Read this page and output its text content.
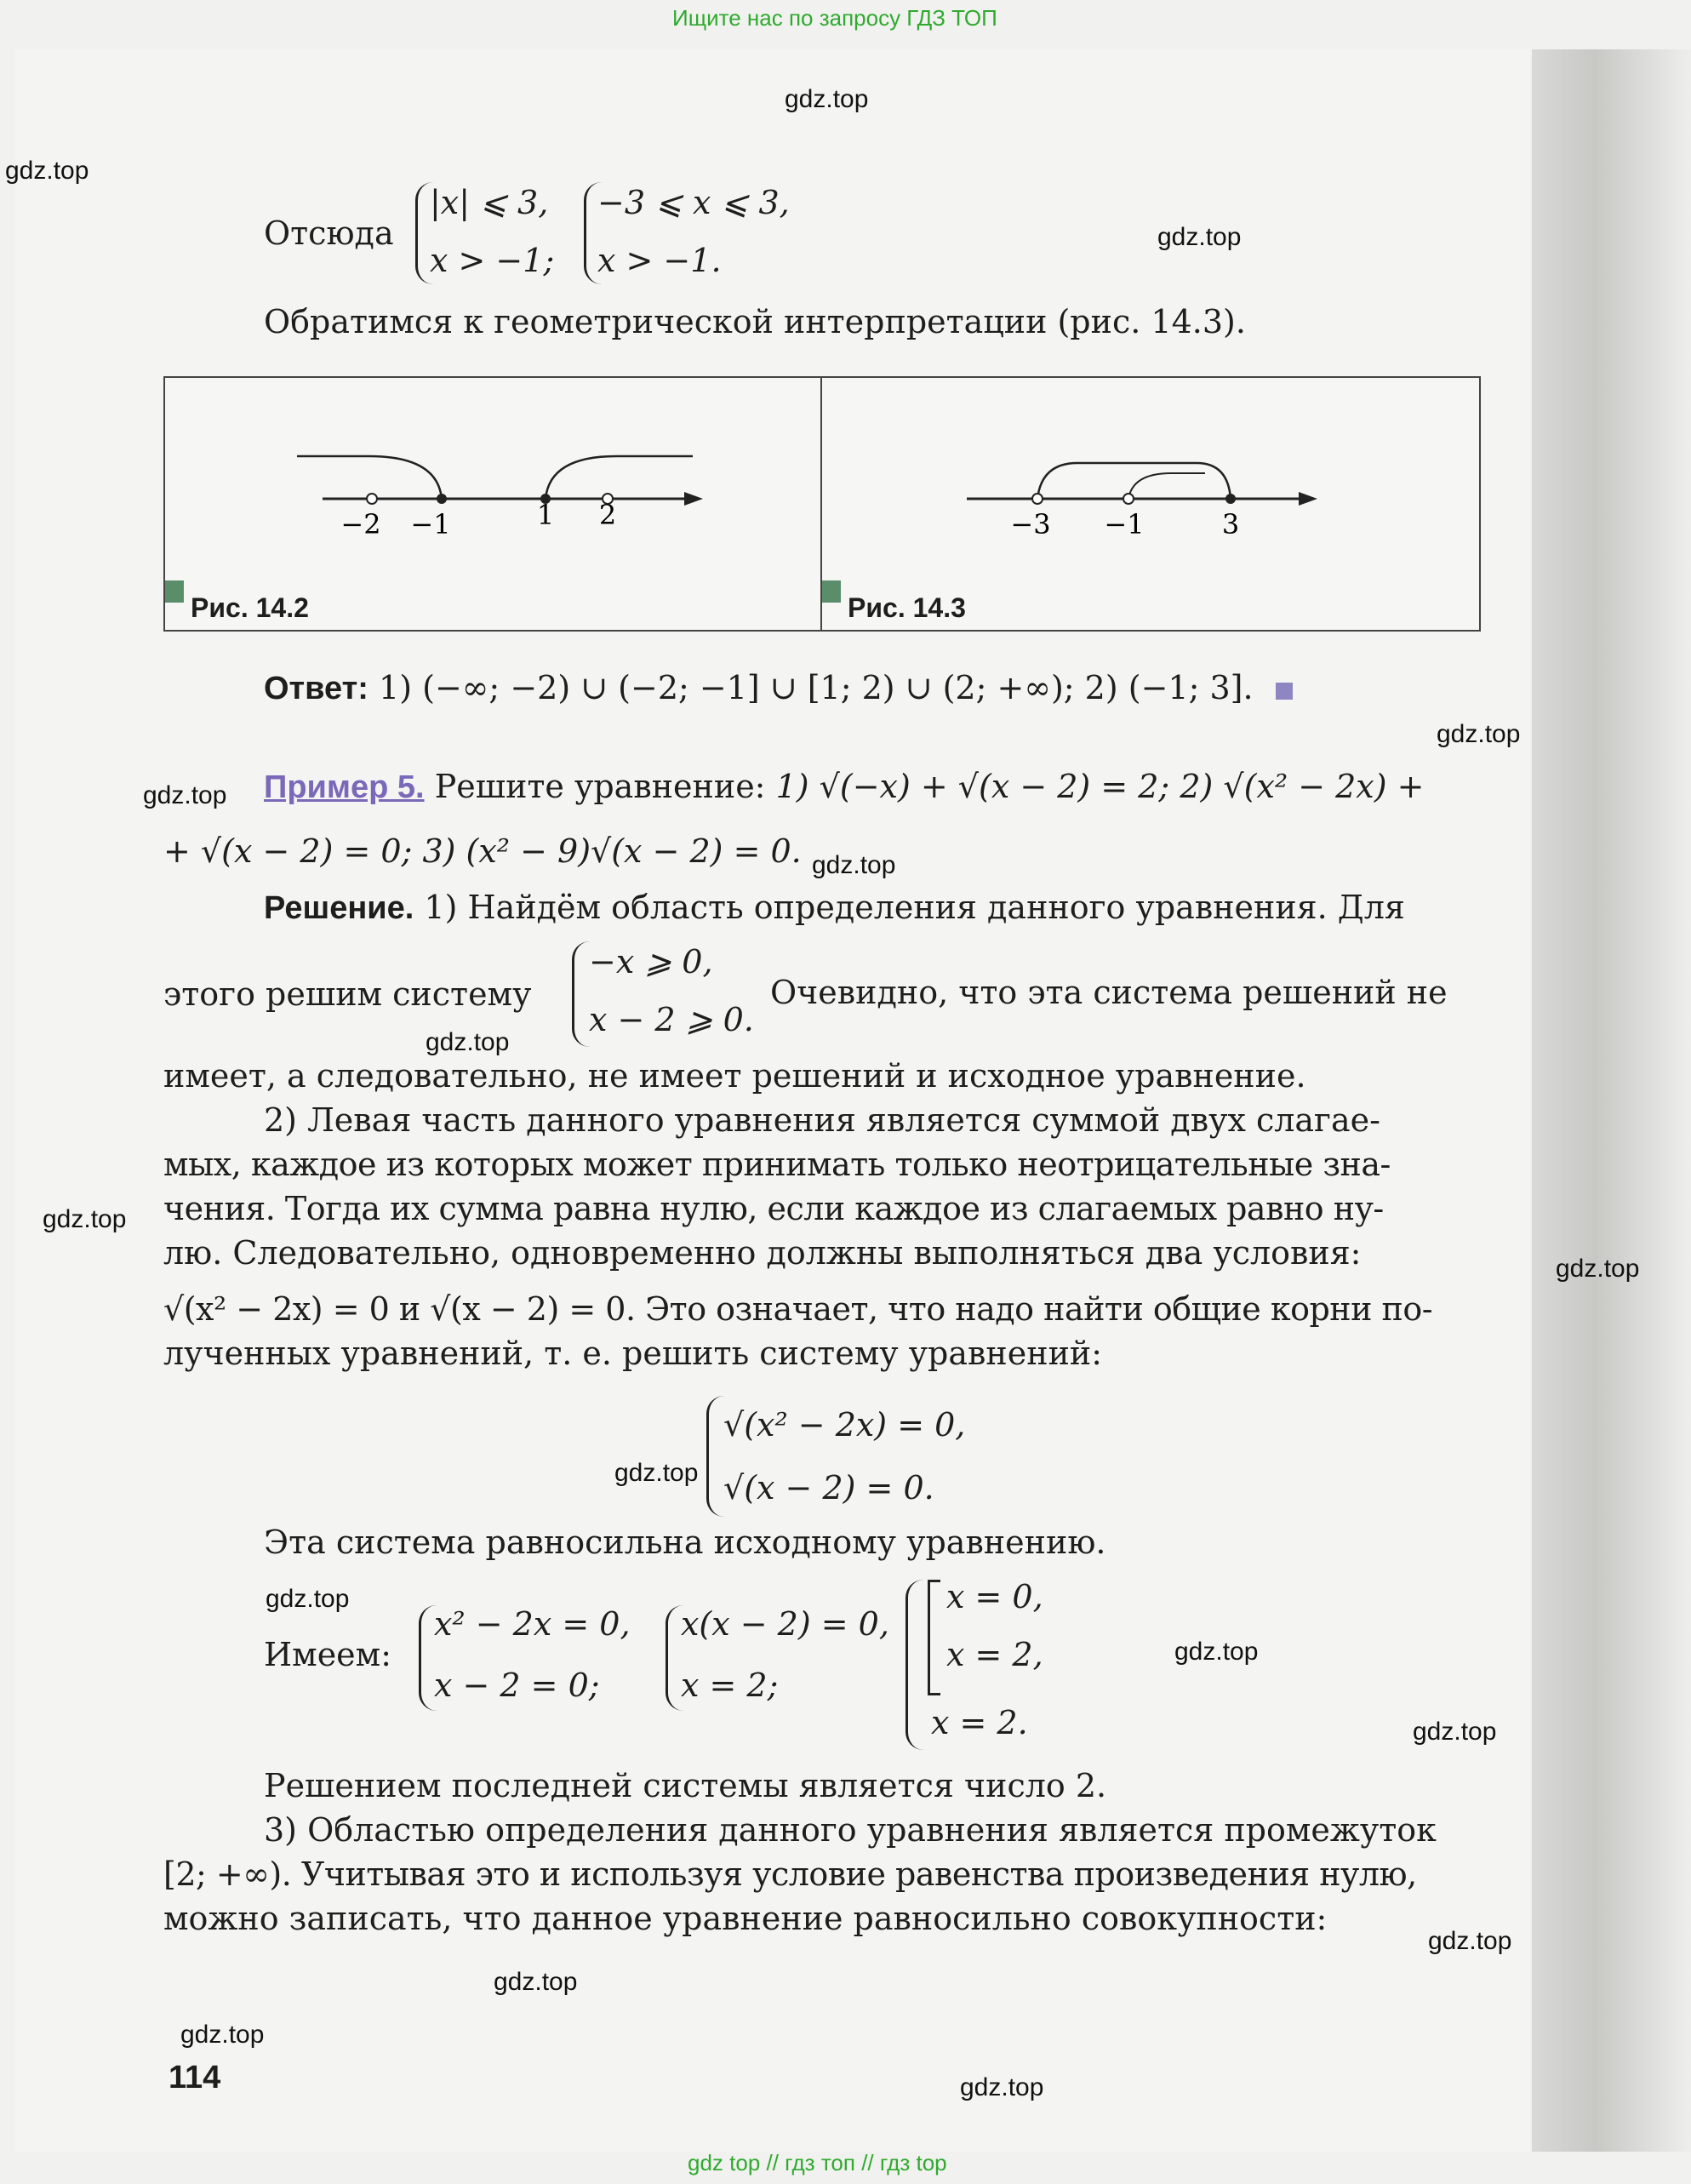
Ищите нас по запросу ГДЗ ТОП
gdz top // гдз топ // гдз top
gdz.top
gdz.top
gdz.top
gdz.top
gdz.top
gdz.top
gdz.top
gdz.top
gdz.top
gdz.top
gdz.top
gdz.top
gdz.top
gdz.top
gdz.top
gdz.top
gdz.top
Отсюда
|x| ⩽ 3,
x > −1;
−3 ⩽ x ⩽ 3,
x > −1.
Обратимся к геометрической интерпретации (рис. 14.3).
−2 −1	1 2
Рис. 14.2
−3 −1	3
Рис. 14.3
Ответ: 1) (−∞; −2) ∪ (−2; −1] ∪ [1; 2) ∪ (2; +∞); 2) (−1; 3].
Пример 5. Решите уравнение: 1) √(−x) + √(x − 2) = 2; 2) √(x² − 2x) +
+ √(x − 2) = 0; 3) (x² − 9)√(x − 2) = 0.
Решение. 1) Найдём область определения данного уравнения. Для
этого решим систему
−x ⩾ 0,
x − 2 ⩾ 0.
Очевидно, что эта система решений не
имеет, а следовательно, не имеет решений и исходное уравнение.
2) Левая часть данного уравнения является суммой двух слагае-
мых, каждое из которых может принимать только неотрицательные зна-
чения. Тогда их сумма равна нулю, если каждое из слагаемых равно ну-
лю. Следовательно, одновременно должны выполняться два условия:
√(x² − 2x) = 0 и √(x − 2) = 0. Это означает, что надо найти общие корни по-
лученных уравнений, т. е. решить систему уравнений:
√(x² − 2x) = 0,
√(x − 2) = 0.
Эта система равносильна исходному уравнению.
Имеем:
x² − 2x = 0,
x − 2 = 0;
x(x − 2) = 0,
x = 2;
x = 0,
x = 2,
x = 2.
Решением последней системы является число 2.
3) Областью определения данного уравнения является промежуток
[2; +∞). Учитывая это и используя условие равенства произведения нулю,
можно записать, что данное уравнение равносильно совокупности:
114
